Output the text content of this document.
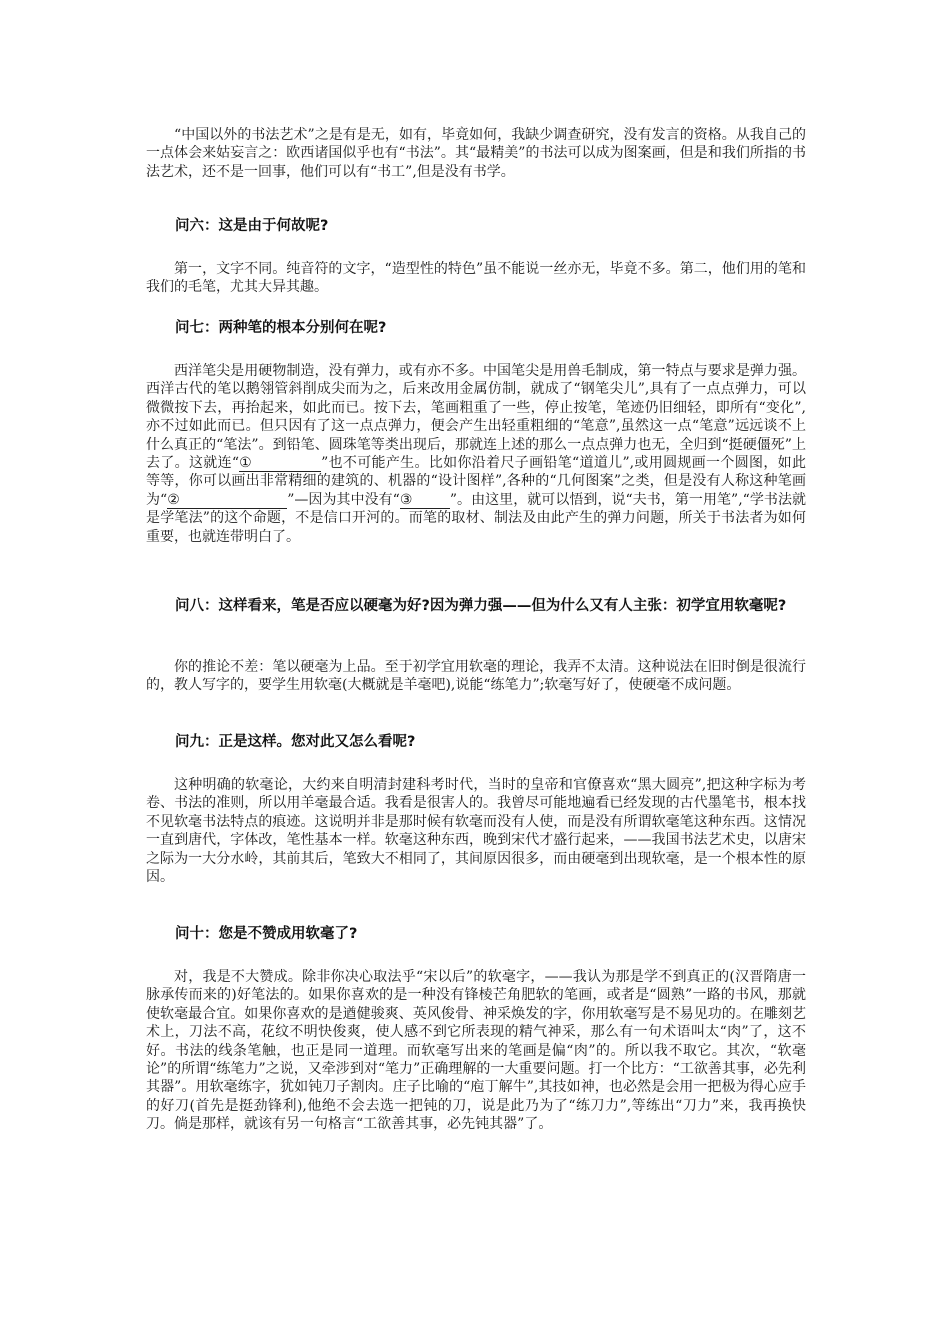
“中国以外的书法艺术”之是有是无，如有，毕竟如何，我缺少调查研究，没有发言的资格。从我自己的一点体会来姑妄言之：欧西诸国似乎也有“书法”。其“最精美”的书法可以成为图案画，但是和我们所指的书法艺术，还不是一回事，他们可以有“书工”,但是没有书学。

问六：这是由于何故呢?

第一，文字不同。纯音符的文字，“造型性的特色”虽不能说一丝亦无，毕竟不多。第二，他们用的笔和我们的毛笔，尤其大异其趣。

问七：两种笔的根本分别何在呢?

西洋笔尖是用硬物制造，没有弹力，或有亦不多。中国笔尖是用兽毛制成，第一特点与要求是弹力强。西洋古代的笔以鹅翎管斜削成尖而为之，后来改用金属仿制，就成了“钢笔尖儿”,具有了一点点弹力，可以微微按下去，再抬起来，如此而已。按下去，笔画粗重了一些，停止按笔，笔迹仍旧细轻，即所有“变化”,亦不过如此而已。但只因有了这一点点弹力，便会产生出轻重粗细的“笔意”,虽然这一点“笔意”远远谈不上什么真正的“笔法”。到铅笔、圆珠笔等类出现后，那就连上述的那么一点点弹力也无，全归到“挺硬僵死”上去了。这就连“①	”也不可能产生。比如你沿着尺子画铅笔“道道儿”,或用圆规画一个圆图，如此等等，你可以画出非常精细的建筑的、机器的“设计图样”,各种的“几何图案”之类，但是没有人称这种笔画为“②	”—因为其中没有“③	”。由这里，就可以悟到，说“夫书，第一用笔”,“学书法就是学笔法”的这个命题，不是信口开河的。而笔的取材、制法及由此产生的弹力问题，所关于书法者为如何重要，也就连带明白了。

问八：这样看来，笔是否应以硬毫为好?因为弹力强——但为什么又有人主张：初学宜用软毫呢?

你的推论不差：笔以硬毫为上品。至于初学宜用软毫的理论，我弄不太清。这种说法在旧时倒是很流行的，教人写字的，要学生用软毫(大概就是羊毫吧),说能“练笔力”;软毫写好了，使硬毫不成问题。

问九：正是这样。您对此又怎么看呢?

这种明确的软毫论，大约来自明清封建科考时代，当时的皇帝和官僚喜欢“黑大圆亮”,把这种字标为考卷、书法的准则，所以用羊毫最合适。我看是很害人的。我曾尽可能地遍看已经发现的古代墨笔书，根本找不见软毫书法特点的痕迹。这说明并非是那时候有软毫而没有人使，而是没有所谓软毫笔这种东西。这情况一直到唐代，字体改，笔性基本一样。软毫这种东西，晚到宋代才盛行起来，——我国书法艺术史，以唐宋之际为一大分水岭，其前其后，笔致大不相同了，其间原因很多，而由硬毫到出现软毫，是一个根本性的原因。

问十：您是不赞成用软毫了?

对，我是不大赞成。除非你决心取法乎“宋以后”的软毫字，——我认为那是学不到真正的(汉晋隋唐一脉承传而来的)好笔法的。如果你喜欢的是一种没有锋棱芒角肥软的笔画，或者是“圆熟”一路的书风，那就使软毫最合宜。如果你喜欢的是遒健骏爽、英风俊骨、神采焕发的字，你用软毫写是不易见功的。在雕刻艺术上，刀法不高，花纹不明快俊爽，使人感不到它所表现的精气神采，那么有一句术语叫太“肉”了，这不好。书法的线条笔触，也正是同一道理。而软毫写出来的笔画是偏“肉”的。所以我不取它。其次，“软毫论”的所谓“练笔力”之说，又牵涉到对“笔力”正确理解的一大重要问题。打一个比方：“工欲善其事，必先利其器”。用软毫练字，犹如钝刀子割肉。庄子比喻的“庖丁解牛”,其技如神，也必然是会用一把极为得心应手的好刀(首先是挺劲锋利),他绝不会去选一把钝的刀，说是此乃为了“练刀力”,等练出“刀力”来，我再换快刀。倘是那样，就该有另一句格言“工欲善其事，必先钝其器”了。
